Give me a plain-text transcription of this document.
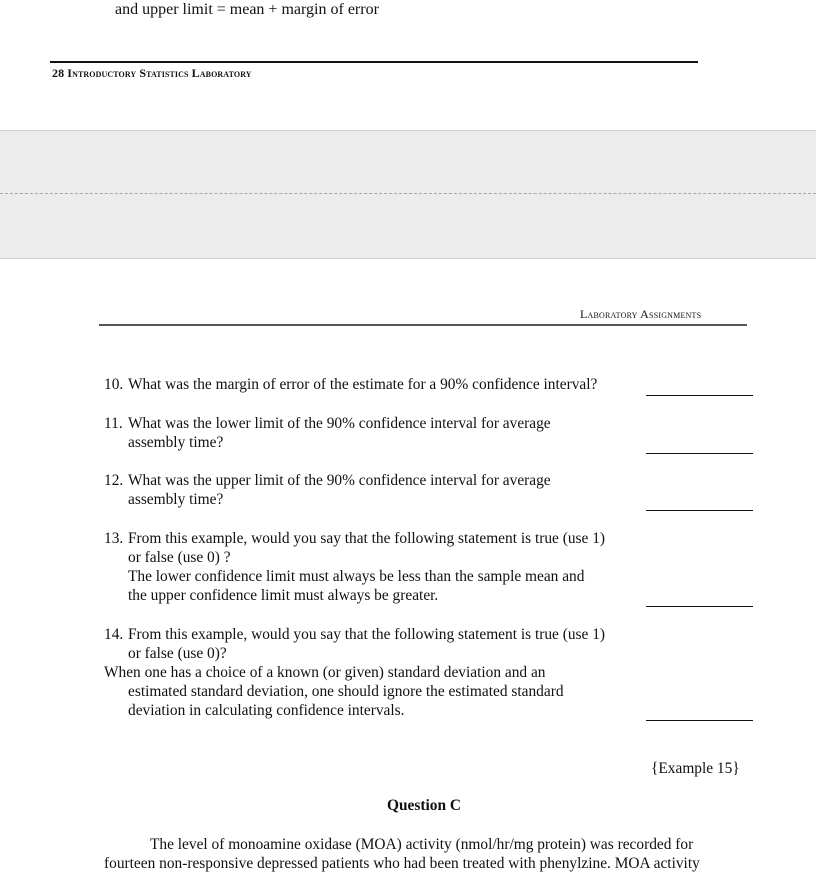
and upper limit = mean + margin of error
28 Introductory Statistics Laboratory
Laboratory Assignments
10. What was the margin of error of the estimate for a 90% confidence interval?
11. What was the lower limit of the 90% confidence interval for average
assembly time?
12. What was the upper limit of the 90% confidence interval for average
assembly time?
13. From this example, would you say that the following statement is true (use 1)
or false (use 0) ?
The lower confidence limit must always be less than the sample mean and
the upper confidence limit must always be greater.
14. From this example, would you say that the following statement is true (use 1)
or false (use 0)?
When one has a choice of a known (or given) standard deviation and an
estimated standard deviation, one should ignore the estimated standard
deviation in calculating confidence intervals.
{Example 15}
Question C
The level of monoamine oxidase (MOA) activity (nmol/hr/mg protein) was recorded for
fourteen non-responsive depressed patients who had been treated with phenylzine. MOA activity
